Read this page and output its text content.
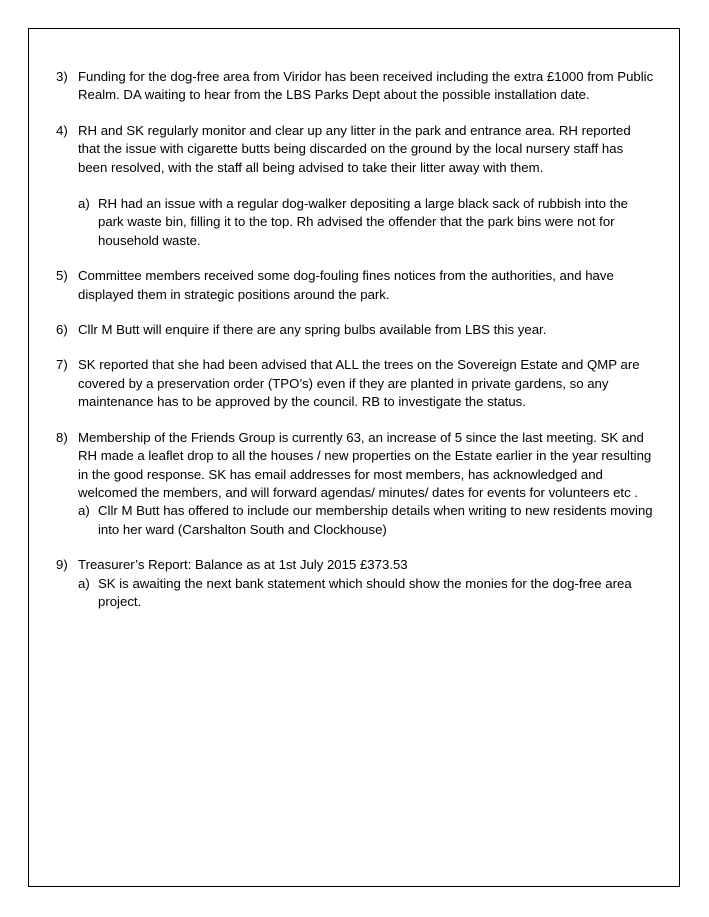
3) Funding for the dog-free area from Viridor has been received including the extra £1000 from Public Realm. DA waiting to hear from the LBS Parks Dept about the possible installation date.
4) RH and SK regularly monitor and clear up any litter in the park and entrance area. RH reported that the issue with cigarette butts being discarded on the ground by the local nursery staff has been resolved, with the staff all being advised to take their litter away with them.
a) RH had an issue with a regular dog-walker depositing a large black sack of rubbish into the park waste bin, filling it to the top. Rh advised the offender that the park bins were not for household waste.
5) Committee members received some dog-fouling fines notices from the authorities, and have displayed them in strategic positions around the park.
6) Cllr M Butt will enquire if there are any spring bulbs available from LBS this year.
7) SK reported that she had been advised that ALL the trees on the Sovereign Estate and QMP are covered by a preservation order (TPO’s) even if they are planted in private gardens, so any maintenance has to be approved by the council. RB to investigate the status.
8) Membership of the Friends Group is currently 63, an increase of 5 since the last meeting. SK and RH made a leaflet drop to all the houses / new properties on the Estate earlier in the year resulting in the good response. SK has email addresses for most members, has acknowledged and welcomed the members, and will forward agendas/ minutes/ dates for events for volunteers etc .
a) Cllr M Butt has offered to include our membership details when writing to new residents moving into her ward (Carshalton South and Clockhouse)
9) Treasurer’s Report: Balance as at 1st July 2015 £373.53
a) SK is awaiting the next bank statement which should show the monies for the dog-free area project.
